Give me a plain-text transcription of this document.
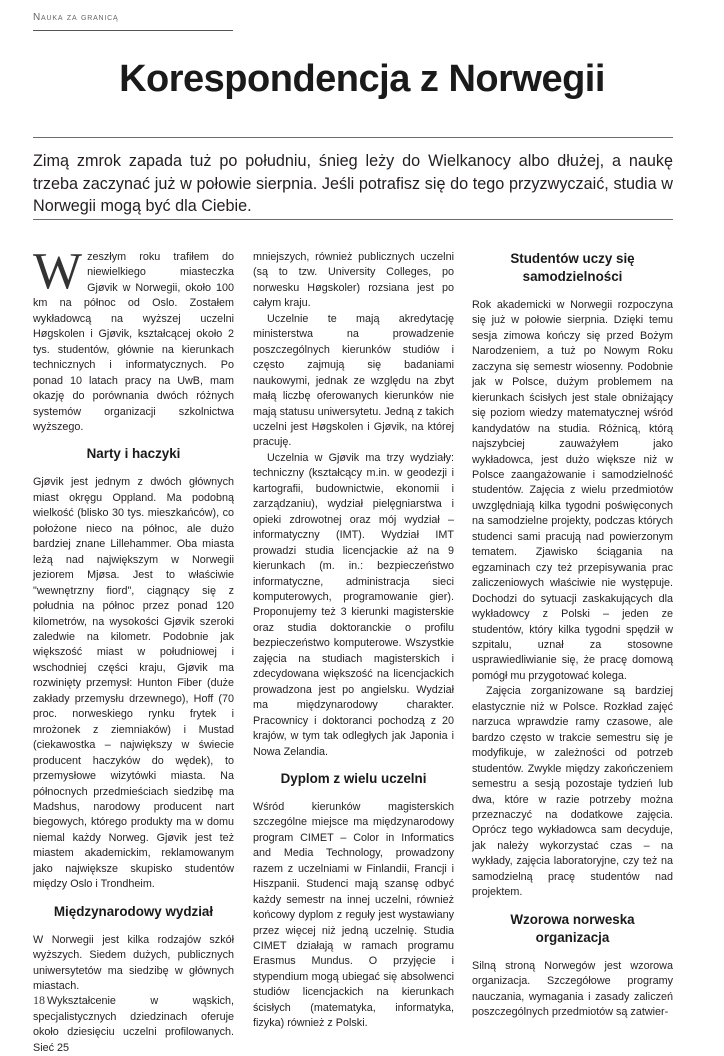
Nauka za granicą
Korespondencja z Norwegii

Zimą zmrok zapada tuż po południu, śnieg leży do Wielkanocy albo dłużej, a naukę trzeba zaczynać już w połowie sierpnia. Jeśli potrafisz się do tego przyzwyczaić, studia w Norwegii mogą być dla Ciebie.

Wzeszłym roku trafiłem do niewielkiego miasteczka Gjøvik w Norwegii, około 100 km na północ od Oslo. Zostałem wykładowcą na wyższej uczelni Høgskolen i Gjøvik, kształcącej około 2 tys. studentów, głównie na kierunkach technicznych i informatycznych. Po ponad 10 latach pracy na UwB, mam okazję do porównania dwóch różnych systemów organizacji szkolnictwa wyższego.

Narty i haczyki

Gjøvik jest jednym z dwóch głównych miast okręgu Oppland. Ma podobną wielkość (blisko 30 tys. mieszkańców), co położone nieco na północ, ale dużo bardziej znane Lillehammer. Oba miasta leżą nad największym w Norwegii jeziorem Mjøsa. Jest to właściwie "wewnętrzny fiord", ciągnący się z południa na północ przez ponad 120 kilometrów, na wysokości Gjøvik szeroki zaledwie na kilometr. Podobnie jak większość miast w południowej i wschodniej części kraju, Gjøvik ma rozwinięty przemysł: Hunton Fiber (duże zakłady przemysłu drzewnego), Hoff (70 proc. norweskiego rynku frytek i mrożonek z ziemniaków) i Mustad (ciekawostka – największy w świecie producent haczyków do wędek), to przemysłowe wizytówki miasta. Na północnych przedmieściach siedzibę ma Madshus, narodowy producent nart biegowych, którego produkty ma w domu niemal każdy Norweg. Gjøvik jest też miastem akademickim, reklamowanym jako największe skupisko studentów między Oslo i Trondheim.

Międzynarodowy wydział

W Norwegii jest kilka rodzajów szkół wyższych. Siedem dużych, publicznych uniwersytetów ma siedzibę w głównych miastach.

Wykształcenie w wąskich, specjalistycznych dziedzinach oferuje około dziesięciu uczelni profilowanych. Sieć 25

mniejszych, również publicznych uczelni (są to tzw. University Colleges, po norwesku Høgskoler) rozsiana jest po całym kraju.

Uczelnie te mają akredytację ministerstwa na prowadzenie poszczególnych kierunków studiów i często zajmują się badaniami naukowymi, jednak ze względu na zbyt małą liczbę oferowanych kierunków nie mają statusu uniwersytetu. Jedną z takich uczelni jest Høgskolen i Gjøvik, na której pracuję.

Uczelnia w Gjøvik ma trzy wydziały: techniczny (kształcący m.in. w geodezji i kartografii, budownictwie, ekonomii i zarządzaniu), wydział pielęgniarstwa i opieki zdrowotnej oraz mój wydział – informatyczny (IMT). Wydział IMT prowadzi studia licencjackie aż na 9 kierunkach (m. in.: bezpieczeństwo informatyczne, administracja sieci komputerowych, programowanie gier). Proponujemy też 3 kierunki magisterskie oraz studia doktoranckie o profilu bezpieczeństwo komputerowe. Wszystkie zajęcia na studiach magisterskich i zdecydowana większość na licencjackich prowadzona jest po angielsku. Wydział ma międzynarodowy charakter. Pracownicy i doktoranci pochodzą z 20 krajów, w tym tak odległych jak Japonia i Nowa Zelandia.

Dyplom z wielu uczelni

Wśród kierunków magisterskich szczególne miejsce ma międzynarodowy program CIMET – Color in Informatics and Media Technology, prowadzony razem z uczelniami w Finlandii, Francji i Hiszpanii. Studenci mają szansę odbyć każdy semestr na innej uczelni, również końcowy dyplom z reguły jest wystawiany przez więcej niż jedną uczelnię. Studia CIMET działają w ramach programu Erasmus Mundus. O przyjęcie i stypendium mogą ubiegać się absolwenci studiów licencjackich na kierunkach ścisłych (matematyka, informatyka, fizyka) również z Polski.

Studentów uczy się samodzielności

Rok akademicki w Norwegii rozpoczyna się już w połowie sierpnia. Dzięki temu sesja zimowa kończy się przed Bożym Narodzeniem, a tuż po Nowym Roku zaczyna się semestr wiosenny. Podobnie jak w Polsce, dużym problemem na kierunkach ścisłych jest stale obniżający się poziom wiedzy matematycznej wśród kandydatów na studia. Różnicą, którą najszybciej zauważyłem jako wykładowca, jest dużo większe niż w Polsce zaangażowanie i samodzielność studentów. Zajęcia z wielu przedmiotów uwzględniają kilka tygodni poświęconych na samodzielne projekty, podczas których studenci sami pracują nad powierzonym tematem. Zjawisko ściągania na egzaminach czy też przepisywania prac zaliczeniowych właściwie nie występuje. Dochodzi do sytuacji zaskakujących dla wykładowcy z Polski – jeden ze studentów, który kilka tygodni spędził w szpitalu, uznał za stosowne usprawiedliwianie się, że pracę domową pomógł mu przygotować kolega.

Zajęcia zorganizowane są bardziej elastycznie niż w Polsce. Rozkład zajęć narzuca wprawdzie ramy czasowe, ale bardzo często w trakcie semestru się je modyfikuje, w zależności od potrzeb studentów. Zwykle między zakończeniem semestru a sesją pozostaje tydzień lub dwa, które w razie potrzeby można przeznaczyć na dodatkowe zajęcia. Oprócz tego wykładowca sam decyduje, jak należy wykorzystać czas – na wykłady, zajęcia laboratoryjne, czy też na samodzielną pracę studentów nad projektem.

Wzorowa norweska organizacja

Silną stroną Norwegów jest wzorowa organizacja. Szczegółowe programy nauczania, wymagania i zasady zaliczeń poszczególnych przedmiotów są zatwier-

18
